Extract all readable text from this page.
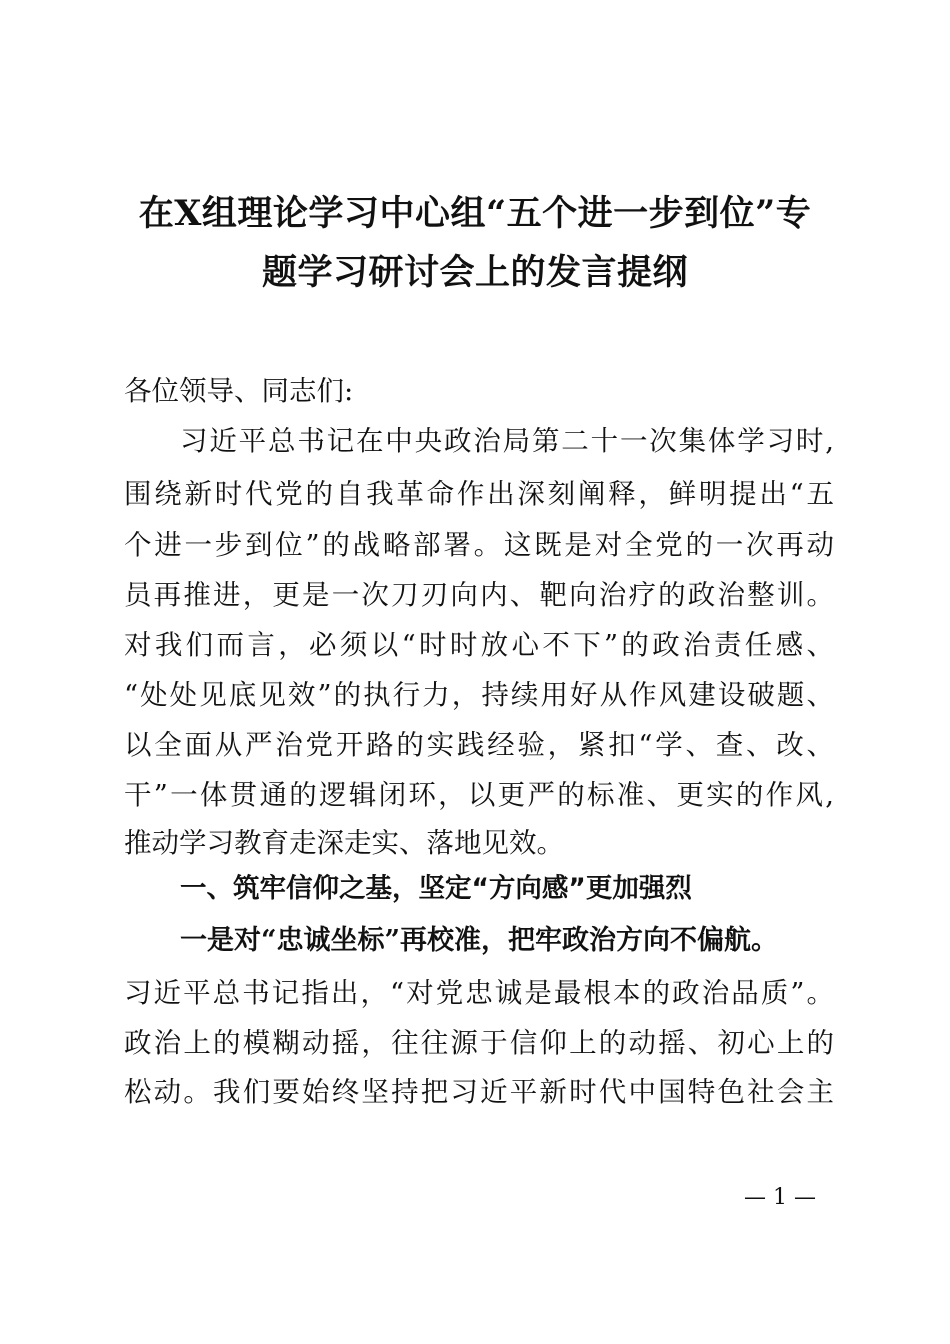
在X组理论学习中心组“五个进一步到位”专
题学习研讨会上的发言提纲
各位领导、同志们:
习近平总书记在中央政治局第二十一次集体学习时,
围绕新时代党的自我革命作出深刻阐释，鲜明提出“五
个进一步到位”的战略部署。这既是对全党的一次再动
员再推进，更是一次刀刃向内、靶向治疗的政治整训。
对我们而言，必须以“时时放心不下”的政治责任感、
“处处见底见效”的执行力，持续用好从作风建设破题、
以全面从严治党开路的实践经验，紧扣“学、查、改、
干”一体贯通的逻辑闭环，以更严的标准、更实的作风,
推动学习教育走深走实、落地见效。
一、筑牢信仰之基，坚定“方向感”更加强烈
一是对“忠诚坐标”再校准，把牢政治方向不偏航。
习近平总书记指出，“对党忠诚是最根本的政治品质”。
政治上的模糊动摇，往往源于信仰上的动摇、初心上的
松动。我们要始终坚持把习近平新时代中国特色社会主
— 1 —
